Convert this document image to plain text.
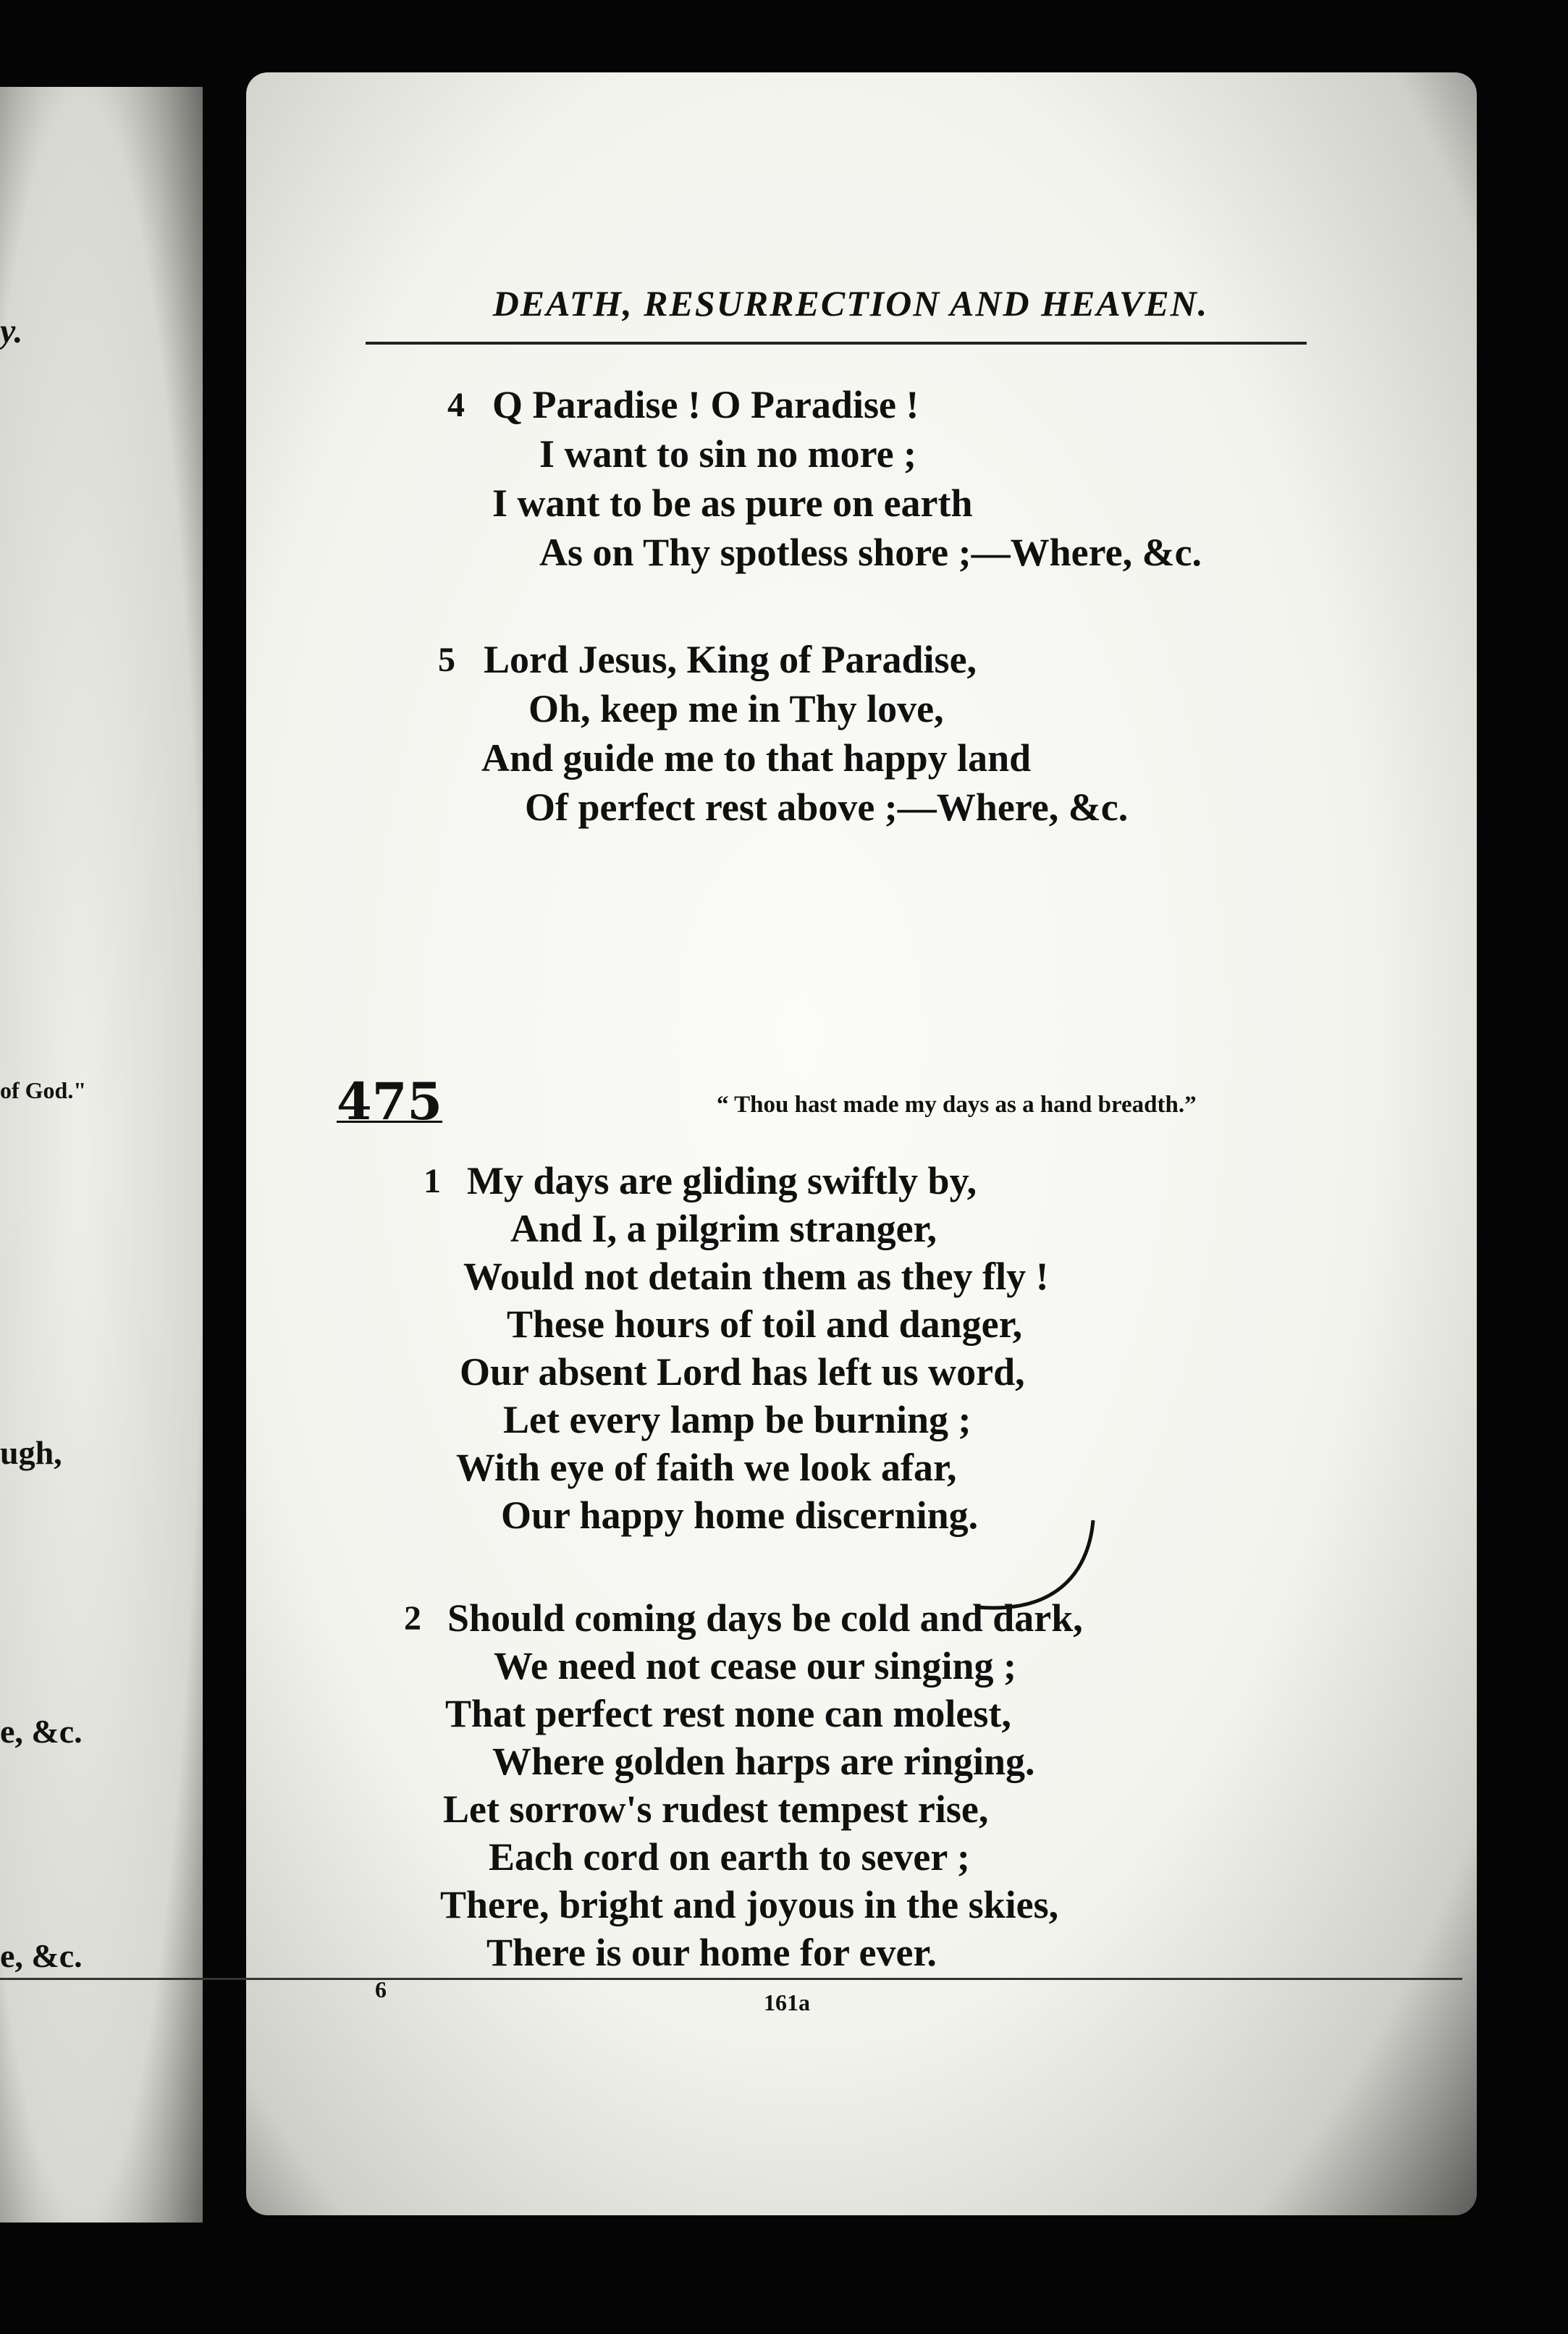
y.
of God."
ugh,
e, &c.
e, &c.
DEATH, RESURRECTION AND HEAVEN.
4 Q Paradise ! O Paradise !
I want to sin no more ;
I want to be as pure on earth
As on Thy spotless shore ;—Where, &c.
5 Lord Jesus, King of Paradise,
Oh, keep me in Thy love,
And guide me to that happy land
Of perfect rest above ;—Where, &c.
475	“ Thou hast made my days as a hand breadth.”
1 My days are gliding swiftly by,
And I, a pilgrim stranger,
Would not detain them as they fly !
These hours of toil and danger,
Our absent Lord has left us word,
Let every lamp be burning ;
With eye of faith we look afar,
Our happy home discerning.
2 Should coming days be cold and dark,
We need not cease our singing ;
That perfect rest none can molest,
Where golden harps are ringing.
Let sorrow's rudest tempest rise,
Each cord on earth to sever ;
There, bright and joyous in the skies,
There is our home for ever.
6	161a
